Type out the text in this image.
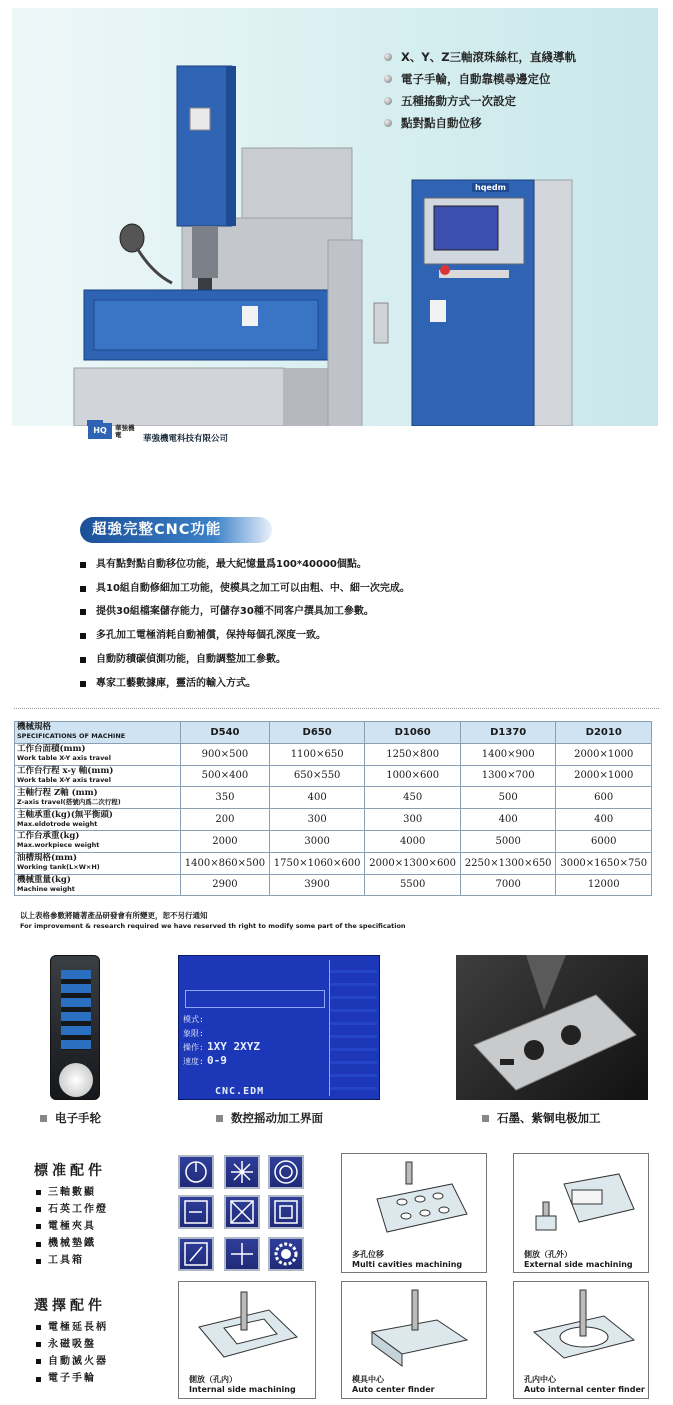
HQ	華強機電	華強機電科技有限公司
hqedm
華強機電	華強機電科技有限公司
X、Y、Z三軸滾珠絲杠，直綫導軌
電子手輪，自動靠模尋邊定位
五種搖動方式一次設定
點對點自動位移
超強完整CNC功能
具有點對點自動移位功能，最大紀憶量爲100*40000個點。
具10組自動修細加工功能，使模具之加工可以由粗、中、細一次完成。
提供30組檔案儲存能力，可儲存30種不同客户撰具加工參數。
多孔加工電極消耗自動補償，保持每個孔深度一致。
自動防積碳偵測功能，自動調整加工參數。
專家工藝數據庫，靈活的輸入方式。
機械規格
SPECIFICATIONS OF MACHINE	D540	D650	D1060	D1370	D2010

工作台面積(mm)
Work table X-Y axis travel	900×500	1100×650	1250×800	1400×900	2000×1000

工作台行程 x-y 軸(mm)
Work table X-Y axis travel	500×400	650×550	1000×600	1300×700	2000×1000

主軸行程 Z軸 (mm)
Z-axis travel(搭號内爲二次行程)	350	400	450	500	600

主軸承重(kg)(無平衡頭)
Max.eldotrode weight	200	300	300	400	400

工作台承重(kg)
Max.workpiece weight	2000	3000	4000	5000	6000

油槽規格(mm)
Working tank(L×W×H)	1400×860×500	1750×1060×600	2000×1300×600	2250×1300×650	3000×1650×750

機械重量(kg)
Machine weight	2900	3900	5500	7000	12000
以上表格參數將隨著產品研發會有所變更，恕不另行通知
For improvement & research required we have reserved th right to modify some part of the specification
模式:
象限:
操作:
速度:
1XY 2XYZ
0-9
CNC.EDM
电子手轮	数控摇动加工界面	石墨、紫铜电极加工
標准配件
三軸數顯
石英工作燈
電極夾具
機械墊鐵
工具箱
選擇配件
電極延長柄
永磁吸盤
自動滅火器
電子手輪
多孔位移
Multi cavities machining
側放（孔外）
External side machining
側放（孔内）
Internal side machining
模具中心
Auto center finder
孔内中心
Auto internal center finder
